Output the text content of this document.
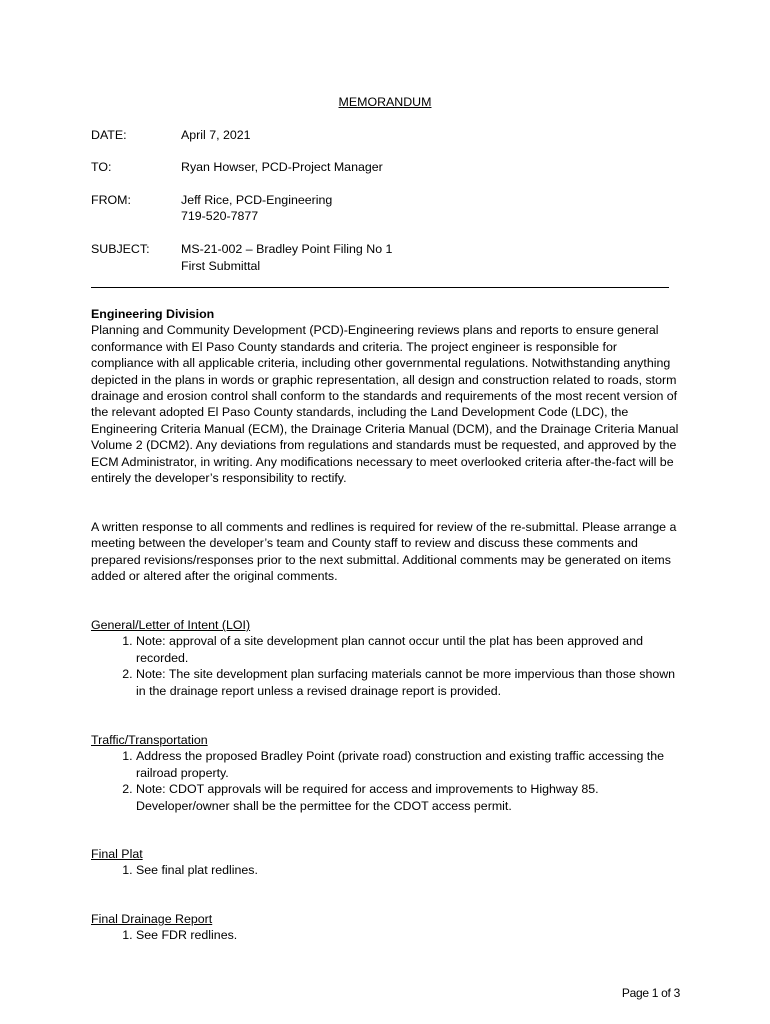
MEMORANDUM
DATE:	April 7, 2021
TO:	Ryan Howser, PCD-Project Manager
FROM:	Jeff Rice, PCD-Engineering
719-520-7877
SUBJECT:	MS-21-002 – Bradley Point Filing No 1
First Submittal
Engineering Division

Planning and Community Development (PCD)-Engineering reviews plans and reports to ensure general conformance with El Paso County standards and criteria. The project engineer is responsible for compliance with all applicable criteria, including other governmental regulations. Notwithstanding anything depicted in the plans in words or graphic representation, all design and construction related to roads, storm drainage and erosion control shall conform to the standards and requirements of the most recent version of the relevant adopted El Paso County standards, including the Land Development Code (LDC), the Engineering Criteria Manual (ECM), the Drainage Criteria Manual (DCM), and the Drainage Criteria Manual Volume 2 (DCM2). Any deviations from regulations and standards must be requested, and approved by the ECM Administrator, in writing. Any modifications necessary to meet overlooked criteria after-the-fact will be entirely the developer’s responsibility to rectify.

A written response to all comments and redlines is required for review of the re-submittal. Please arrange a meeting between the developer’s team and County staff to review and discuss these comments and prepared revisions/responses prior to the next submittal. Additional comments may be generated on items added or altered after the original comments.

General/Letter of Intent (LOI)
1. Note: approval of a site development plan cannot occur until the plat has been approved and recorded.
2. Note: The site development plan surfacing materials cannot be more impervious than those shown in the drainage report unless a revised drainage report is provided.
Traffic/Transportation
1. Address the proposed Bradley Point (private road) construction and existing traffic accessing the railroad property.
2. Note: CDOT approvals will be required for access and improvements to Highway 85. Developer/owner shall be the permittee for the CDOT access permit.
Final Plat
1. See final plat redlines.
Final Drainage Report
1. See FDR redlines.
Page 1 of 3
